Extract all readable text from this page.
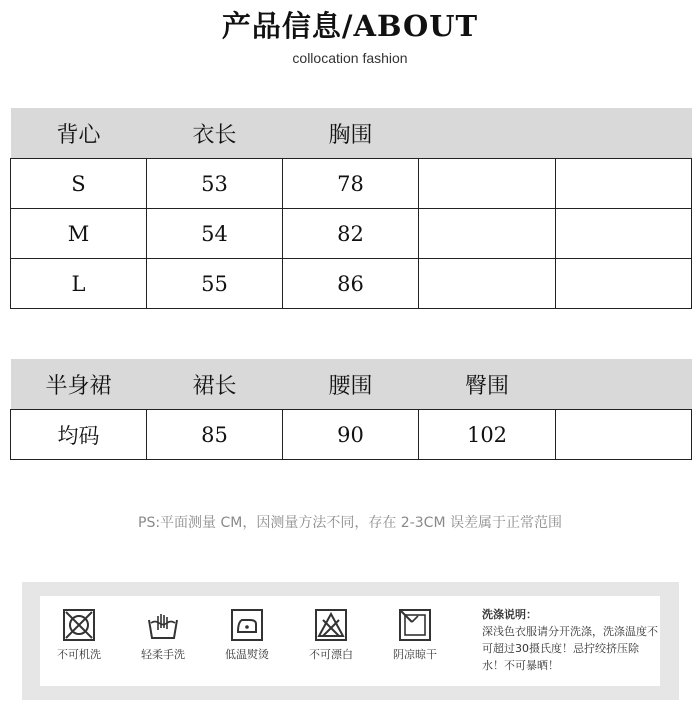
产品信息/ABOUT
collocation fashion
背心	衣长	胸围		
S	53	78		
M	54	82		
L	55	86		
半身裙	裙长	腰围	臀围	
均码	85	90	102	
PS:平面测量 CM，因测量方法不同，存在 2-3CM 误差属于正常范围
不可机洗	轻柔手洗	低温熨烫	不可漂白	阴凉晾干
洗涤说明：
深浅色衣服请分开洗涤，洗涤温度不可超过30摄氏度！忌拧绞挤压除水！不可暴晒！
